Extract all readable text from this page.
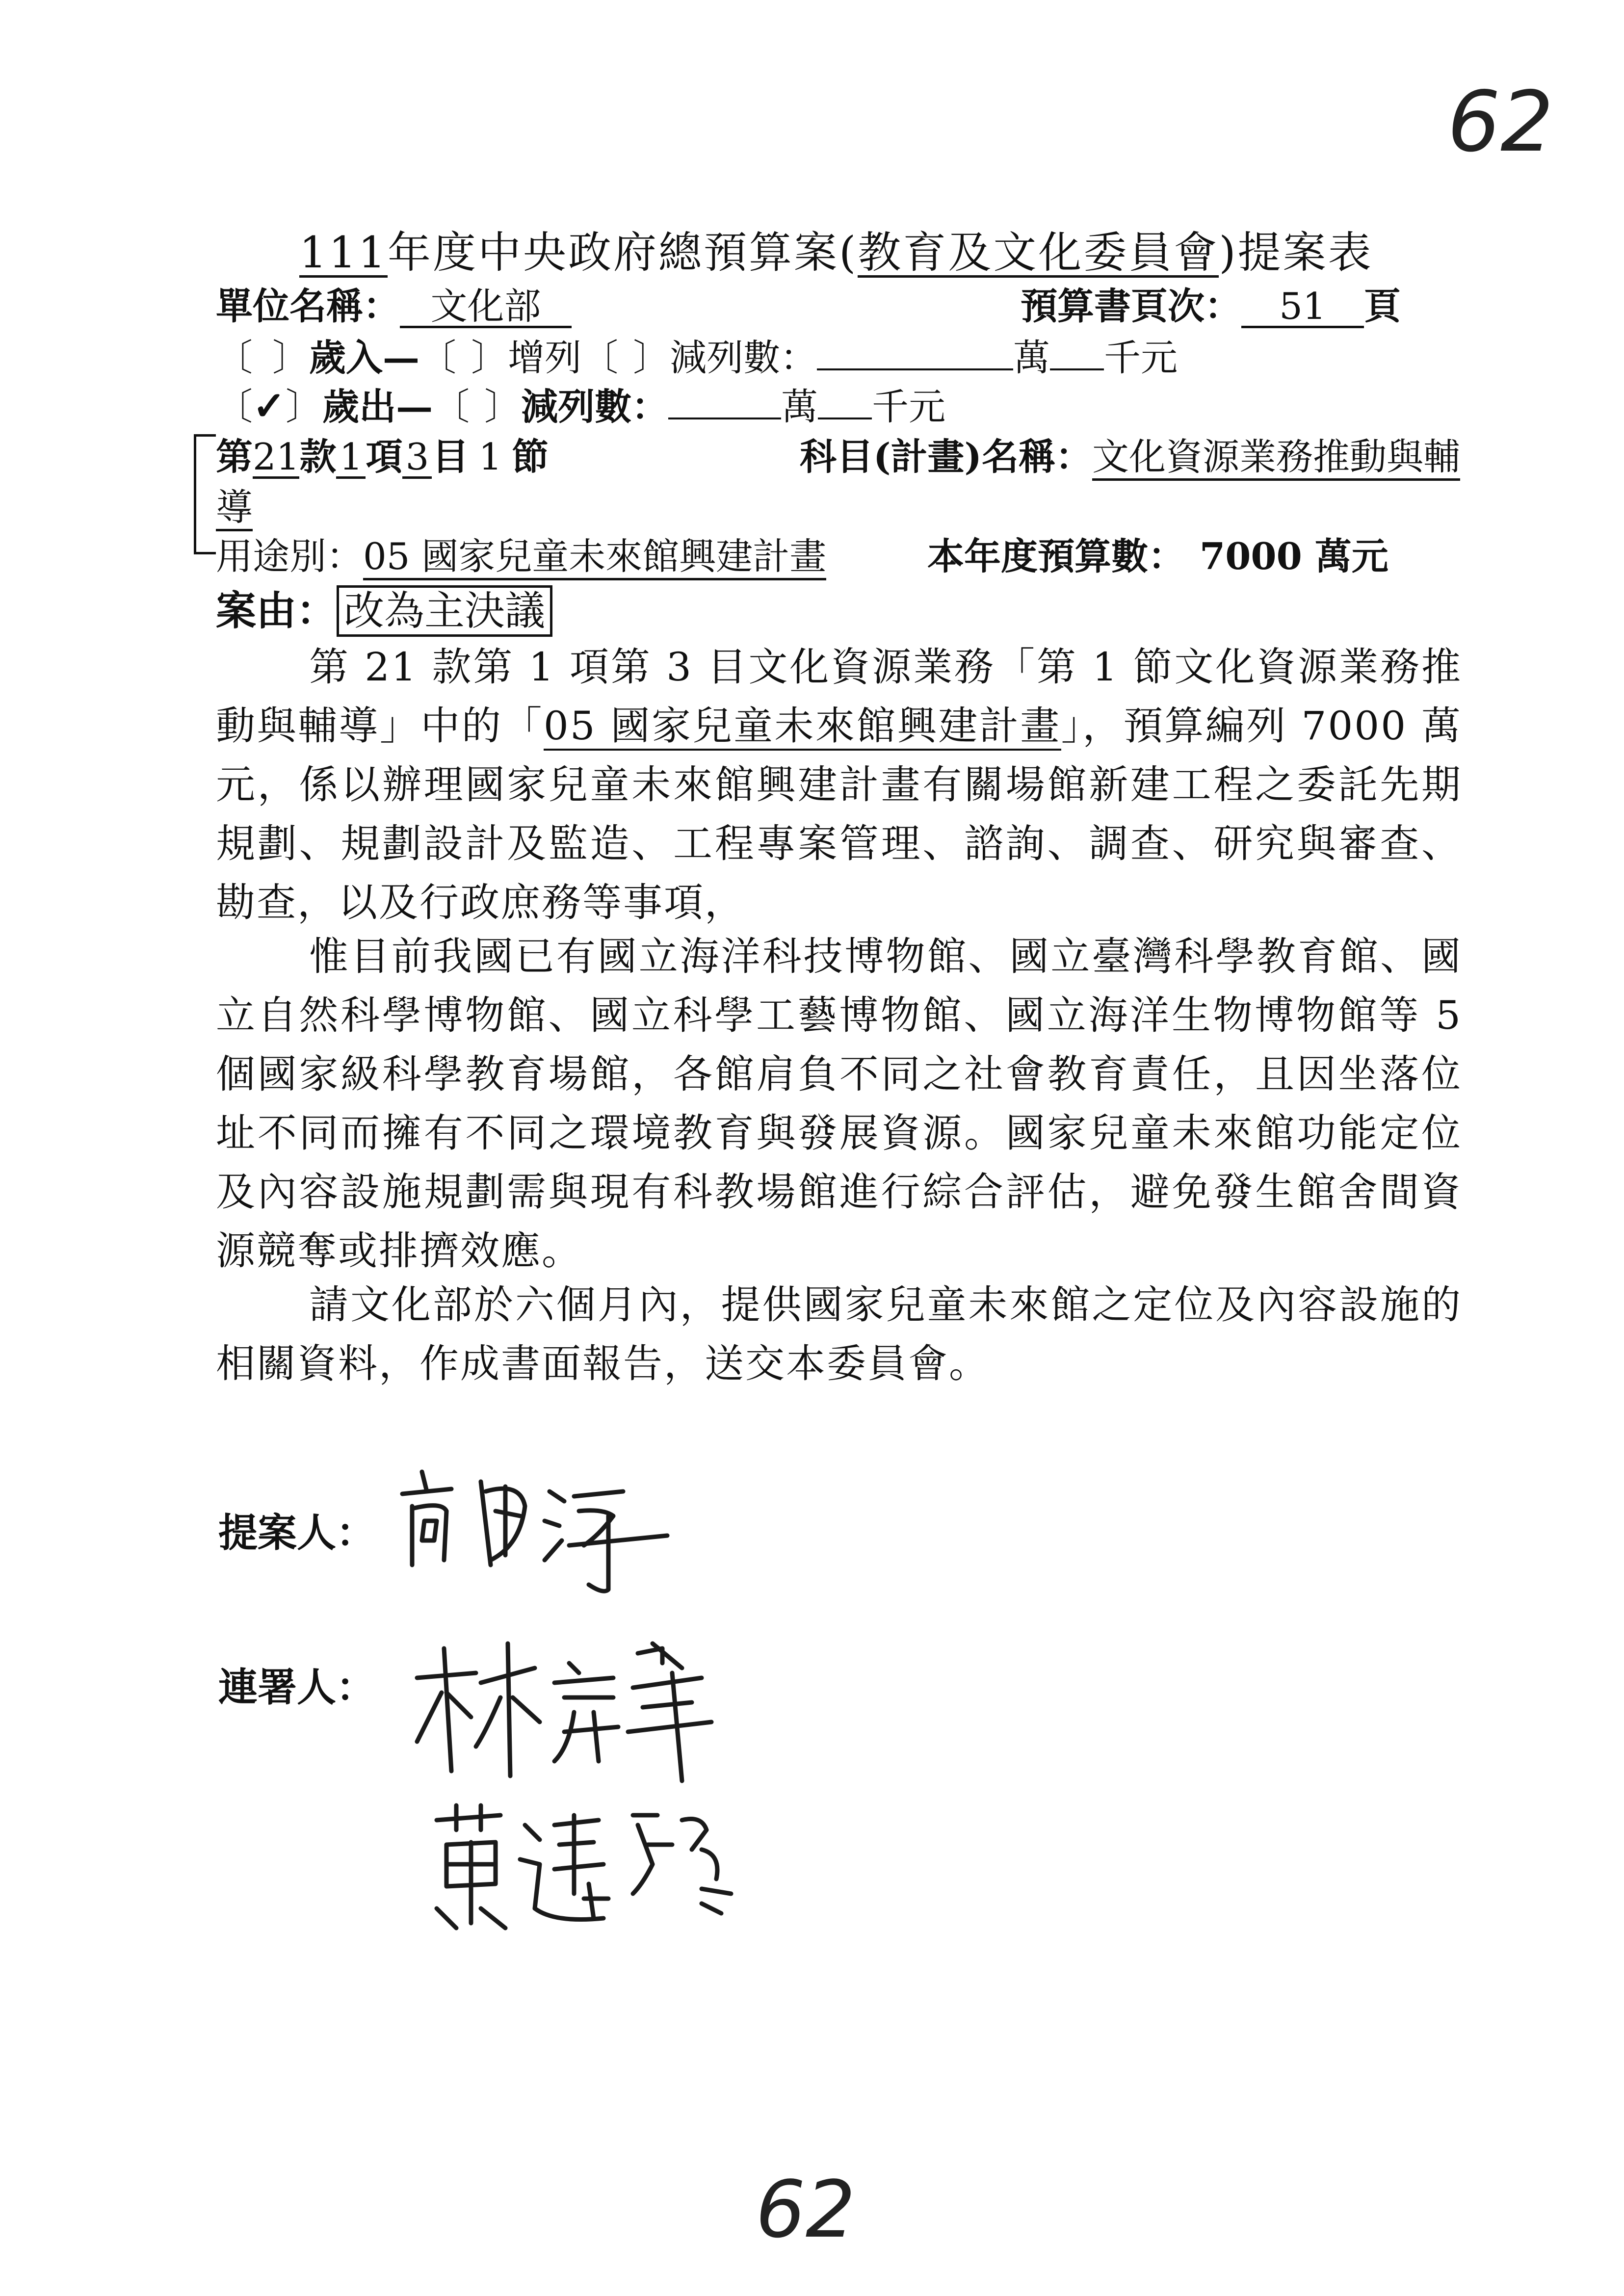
62
111年度中央政府總預算案(教育及文化委員會)提案表
單位名稱： 文化部	預算書頁次： 51 頁
〔 〕歲入—〔 〕增列〔 〕減列數：	萬 千元
〔✓〕歲出—〔 〕減列數：	萬 千元
第21款1項3目 1 節	科目(計畫)名稱：文化資源業務推動與輔
導
用途別：05 國家兒童未來館興建計畫	本年度預算數： 7000 萬元
案由： 改為主決議
第 21 款第 1 項第 3 目文化資源業務「第 1 節文化資源業務推動與輔導」中的「05 國家兒童未來館興建計畫」，預算編列 7000 萬元，係以辦理國家兒童未來館興建計畫有關場館新建工程之委託先期規劃、規劃設計及監造、工程專案管理、諮詢、調查、研究與審查、勘查，以及行政庶務等事項，
惟目前我國已有國立海洋科技博物館、國立臺灣科學教育館、國立自然科學博物館、國立科學工藝博物館、國立海洋生物博物館等 5 個國家級科學教育場館，各館肩負不同之社會教育責任，且因坐落位址不同而擁有不同之環境教育與發展資源。國家兒童未來館功能定位及內容設施規劃需與現有科教場館進行綜合評估，避免發生館舍間資源競奪或排擠效應。
請文化部於六個月內，提供國家兒童未來館之定位及內容設施的相關資料，作成書面報告，送交本委員會。
提案人：
連署人：
62
